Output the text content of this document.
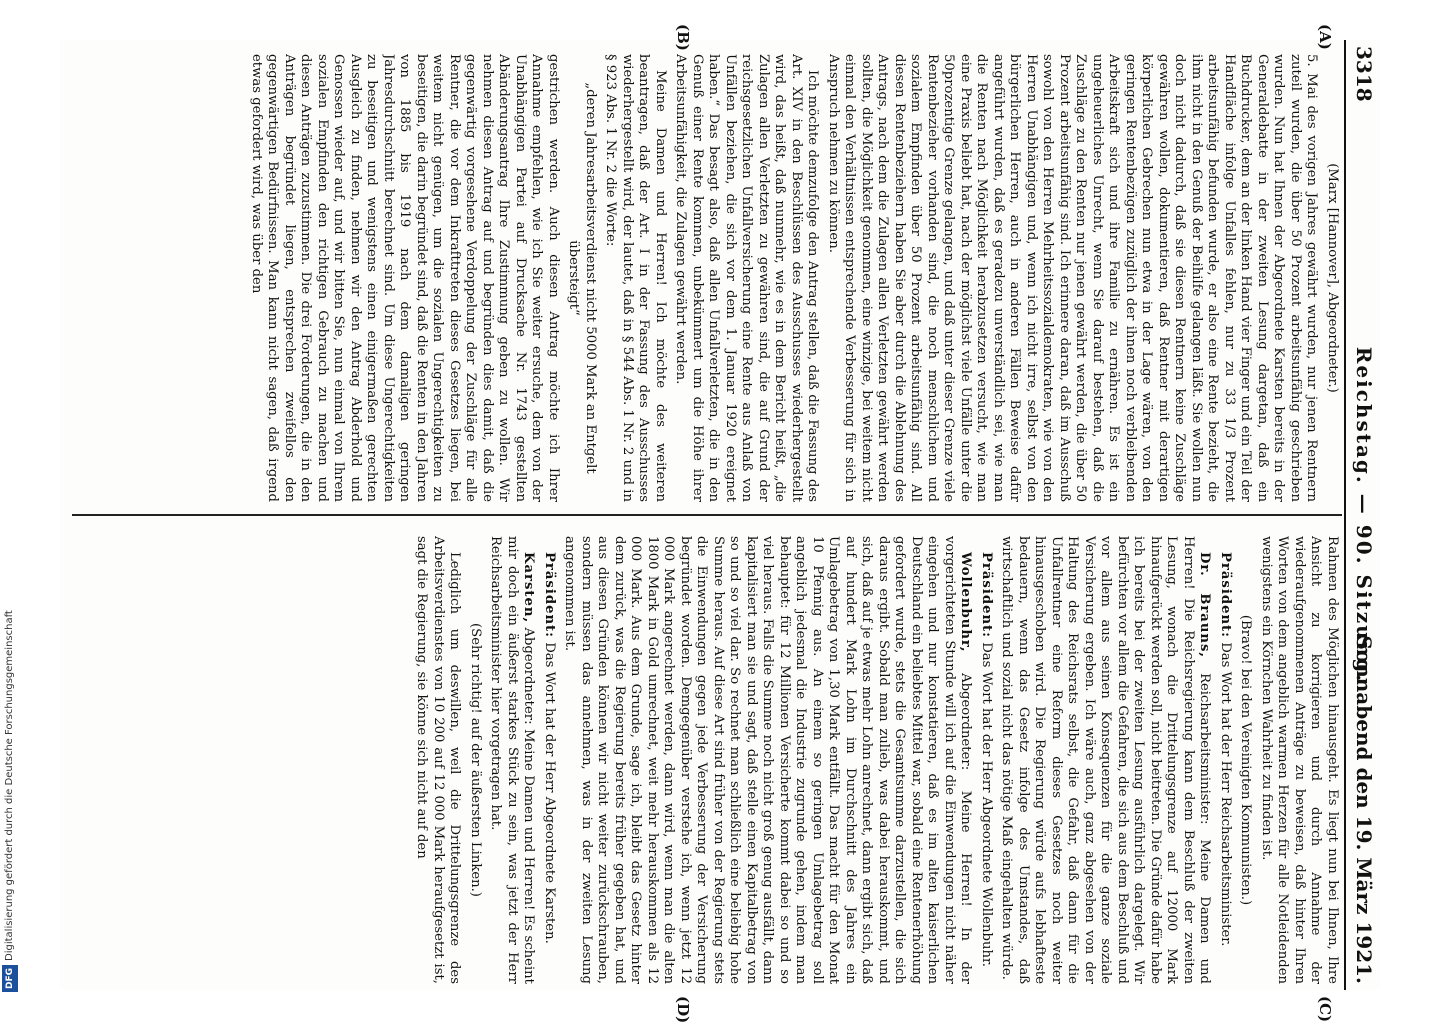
3318
Reichstag. — 90. Sitzung.
Sonnabend den 19. März 1921.
(A)
(B)
(C)
(D)

(Marx [Hannover], Abgeordneter.)

5. Mai des vorigen Jahres gewährt wurden, nur jenen Rentnern zuteil wurden, die über 50 Prozent arbeitsunfähig geschrieben wurden. Nun hat Ihnen der Abgeordnete Karsten bereits in der Generaldebatte in der zweiten Lesung dargetan, daß ein Buchdrucker, dem an der linken Hand vier Finger und ein Teil der Handfläche infolge Unfalles fehlen, nur zu 33 1/3 Prozent arbeitsunfähig befunden wurde, er also eine Rente bezieht, die ihm nicht in den Genuß der Beihilfe gelangen läßt. Sie wollen nun doch nicht dadurch, daß sie diesen Rentnern keine Zuschläge gewähren wollen, dokumentieren, daß Rentner mit derartigen körperlichen Gebrechen nun etwa in der Lage wären, von den geringen Rentenbezügen zuzüglich der ihnen noch verbleibenden Arbeitskraft sich und ihre Familie zu ernähren. Es ist ein ungeheuerliches Unrecht, wenn Sie darauf bestehen, daß die Zuschläge zu den Renten nur jenen gewährt werden, die über 50 Prozent arbeitsunfähig sind. Ich erinnere daran, daß im Ausschuß sowohl von den Herren Mehrheitssozialdemokraten, wie von den Herren Unabhängigen und, wenn ich nicht irre, selbst von den bürgerlichen Herren, auch in anderen Fällen Beweise dafür angeführt wurden, daß es geradezu unverständlich sei, wie man die Renten nach Möglichkeit herabzusetzen versucht, wie man eine Praxis beliebt hat, nach der möglichst viele Unfälle unter die 50prozentige Grenze gelangen, und daß unter dieser Grenze viele Rentenbezieher vorhanden sind, die noch menschlichem und sozialem Empfinden über 50 Prozent arbeitsunfähig sind. All diesen Rentenbeziehern haben Sie aber durch die Ablehnung des Antrags, nach dem die Zulagen allen Verletzten gewährt werden sollten, die Möglichkeit genommen, eine winzige, bei weitem nicht einmal den Verhältnissen entsprechende Verbesserung für sich in Anspruch nehmen zu können.

Ich möchte demzufolge den Antrag stellen, daß die Fassung des Art. XIV in den Beschlüssen des Ausschusses wiederhergestellt wird, das heißt, daß nunmehr, wie es in dem Bericht heißt, „die Zulagen allen Verletzten zu gewähren sind, die auf Grund der reichsgesetzlichen Unfallversicherung eine Rente aus Anlaß von Unfällen beziehen, die sich vor dem 1. Januar 1920 ereignet haben.“ Das besagt also, daß allen Unfallverletzten, die in den Genuß einer Rente kommen, unbekümmert um die Höhe ihrer Arbeitsunfähigkeit, die Zulagen gewährt werden.

Meine Damen und Herren! Ich möchte des weiteren beantragen, daß der Art. I in der Fassung des Ausschusses wiederhergestellt wird, der lautet, daß in § 544 Abs. 1 Nr. 2 und in § 923 Abs. 1 Nr. 2 die Worte:

„deren Jahresarbeitsverdienst nicht 5000 Mark an Entgelt übersteigt“

gestrichen werden. Auch diesen Antrag möchte ich Ihrer Annahme empfehlen, wie ich Sie weiter ersuche, dem von der Unabhängigen Partei auf Drucksache Nr. 1743 gestellten Abänderungsantrag Ihre Zustimmung geben zu wollen. Wir nehmen diesen Antrag auf und begründen dies damit, daß die gegenwärtig vorgesehene Verdoppelung der Zuschläge für alle Rentner, die vor dem Inkrafttreten dieses Gesetzes liegen, bei weitem nicht genügen, um die sozialen Ungerechtigkeiten zu beseitigen, die darin begründet sind, daß die Renten in den Jahren von 1885 bis 1919 nach dem damaligen geringen Jahresdurchschnitt berechnet sind. Um diese Ungerechtigkeiten zu beseitigen und wenigstens einen einigermaßen gerechten Ausgleich zu finden, nehmen wir den Antrag Abderhold und Genossen wieder auf, und wir bitten Sie, nun einmal von Ihrem sozialen Empfinden den richtigen Gebrauch zu machen und diesen Anträgen zuzustimmen. Die drei Forderungen, die in den Anträgen begründet liegen, entsprechen zweifellos den gegenwärtigen Bedürfnissen. Man kann nicht sagen, daß irgend etwas gefordert wird, was über den

Rahmen des Möglichen hinausgeht. Es liegt nun bei Ihnen, Ihre Ansicht zu korrigieren und durch Annahme der wiederaufgenommenen Anträge zu beweisen, daß hinter Ihren Worten von dem angeblich warmen Herzen für alle Notleidenden wenigstens ein Körnchen Wahrheit zu finden ist.

(Bravo! bei den Vereinigten Kommunisten.)

Präsident: Das Wort hat der Herr Reichsarbeitsminister.

Dr. Brauns, Reichsarbeitsminister: Meine Damen und Herren! Die Reichsregierung kann dem Beschluß der zweiten Lesung, wonach die Drittelungsgrenze auf 12000 Mark hinaufgerückt werden soll, nicht beitreten. Die Gründe dafür habe ich bereits bei der zweiten Lesung ausführlich dargelegt. Wir befürchten vor allem die Gefahren, die sich aus dem Beschluß und vor allem aus seinen Konsequenzen für die ganze soziale Versicherung ergeben. Ich wäre auch, ganz abgesehen von der Haltung des Reichsrats selbst, die Gefahr, daß dann für die Unfallrentner eine Reform dieses Gesetzes noch weiter hinausgeschoben wird. Die Regierung würde aufs lebhafteste bedauern, wenn das Gesetz infolge des Umstandes, daß wirtschaftlich und sozial nicht das nötige Maß eingehalten würde.

Präsident: Das Wort hat der Herr Abgeordnete Wollenbuhr.

Wollenbuhr, Abgeordneter: Meine Herren! In der vorgerichteten Stunde will ich auf die Einwendungen nicht näher eingehen und nur konstatieren, daß es im alten kaiserlichen Deutschland ein beliebtes Mittel war, sobald eine Rentenerhöhung gefordert wurde, stets die Gesamtsumme darzustellen, die sich daraus ergibt. Sobald man zulieb, was dabei herauskommt, und sich, daß auf je etwas mehr Lohn anrechnet, dann ergibt sich, daß auf hundert Mark Lohn im Durchschnitt des Jahres ein Umlagebetrag von 1,30 Mark entfällt. Das macht für den Monat 10 Pfennig aus. An einem so geringen Umlagebetrag soll angeblich jedesmal die Industrie zugrunde gehen, indem man behauptet: für 12 Millionen Versicherte kommt dabei so und so viel heraus. Falls die Summe noch nicht groß genug ausfällt, dann kapitalisiert man sie und sagt, daß stelle einen Kapitalbetrag von so und so viel dar. So rechnet man schließlich eine beliebig hohe Summe heraus. Auf diese Art sind früher von der Regierung stets die Einwendungen gegen jede Verbesserung der Versicherung begründet worden. Demgegenüber verstehe ich, wenn jetzt 12 000 Mark angerechnet werden, dann wird, wenn man die alten 1800 Mark in Gold umrechnet, weit mehr herauskommen als 12 000 Mark. Aus dem Grunde, sage ich, bleibt das Gesetz hinter dem zurück, was die Regierung bereits früher gegeben hat, und aus diesen Gründen können wir nicht weiter zurückschrauben, sondern müssen das annehmen, was in der zweiten Lesung angenommen ist.

Präsident: Das Wort hat der Herr Abgeordnete Karsten.

Karsten, Abgeordneter: Meine Damen und Herren! Es scheint mir doch ein äußerst starkes Stück zu sein, was jetzt der Herr Reichsarbeitsminister hier vorgetragen hat.

(Sehr richtig! auf der äußersten Linken.)

Lediglich um deswillen, weil die Drittelungsgrenze des Arbeitsverdienstes von 10 200 auf 12 000 Mark heraufgesetzt ist, sagt die Regierung, sie könne sich nicht auf den

DFGDigitalisierung gefördert durch die Deutsche Forschungsgemeinschaft
